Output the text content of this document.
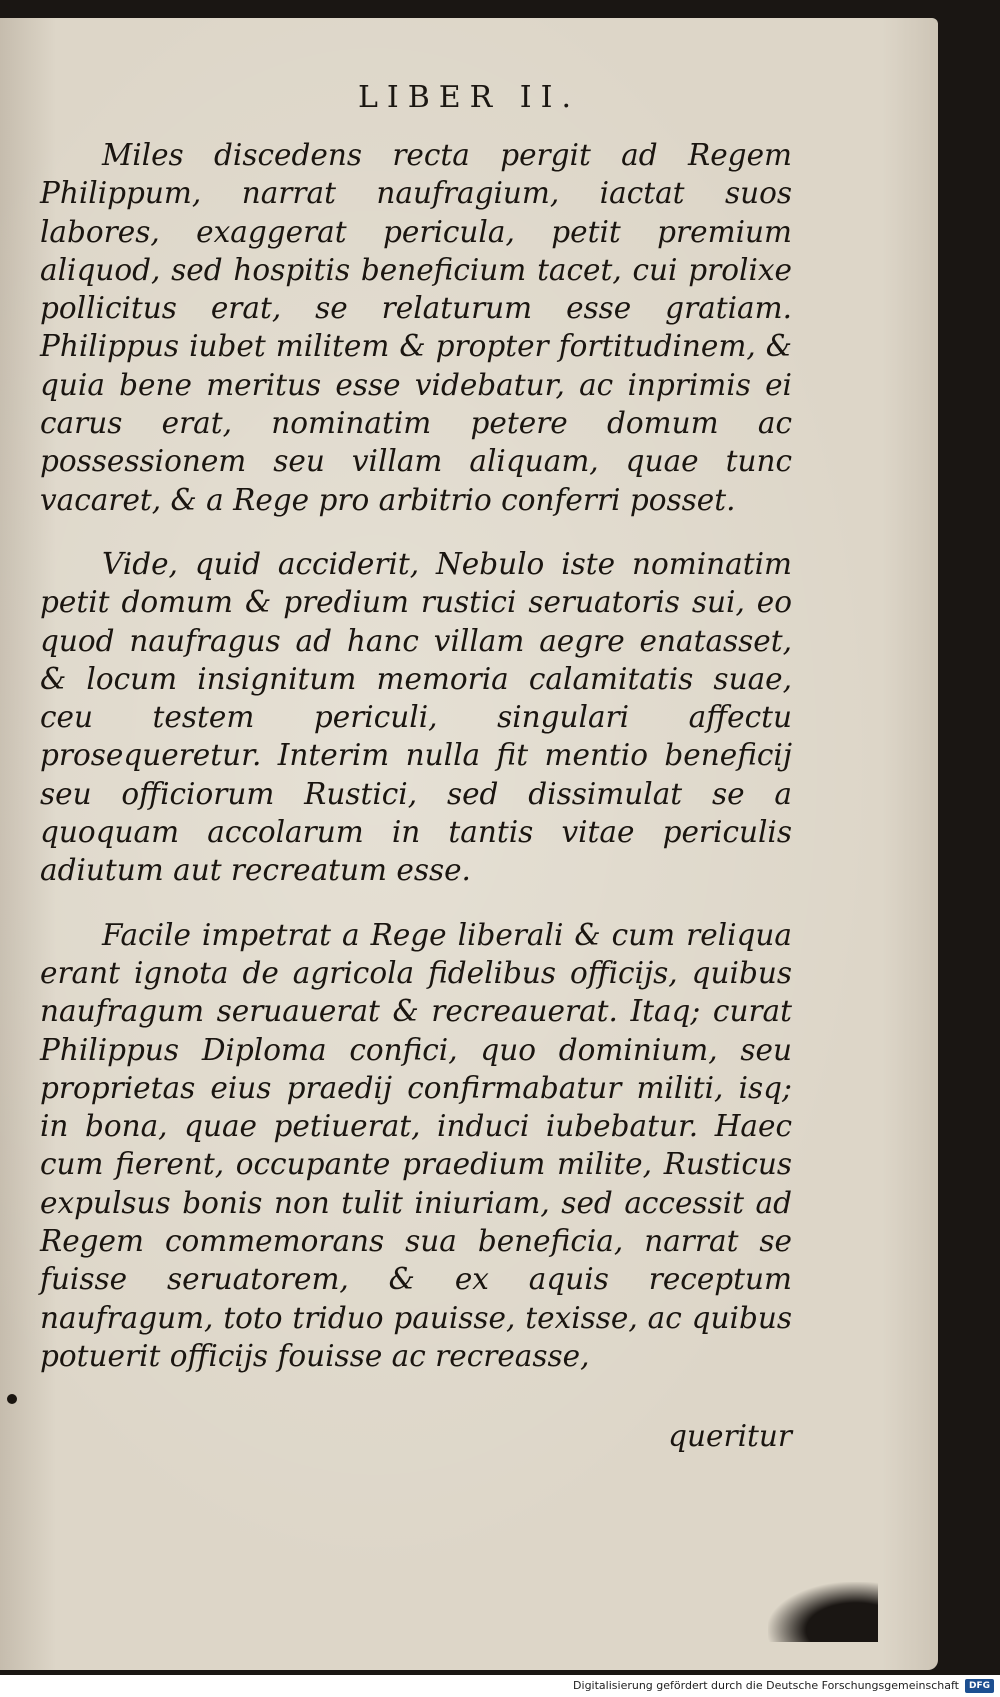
LIBER II.

Miles discedens recta pergit ad Regem Philippum, narrat naufragium, iactat suos labores, exaggerat pericula, petit premium aliquod, sed hospitis beneficium tacet, cui prolixe pollicitus erat, se relaturum esse gratiam. Philippus iubet militem & propter fortitudinem, & quia bene meritus esse videbatur, ac inprimis ei carus erat, nominatim petere domum ac possessionem seu villam aliquam, quae tunc vacaret, & a Rege pro arbitrio conferri posset.

Vide, quid acciderit, Nebulo iste nominatim petit domum & predium rustici seruatoris sui, eo quod naufragus ad hanc villam aegre enatasset, & locum insignitum memoria calamitatis suae, ceu testem periculi, singulari affectu prosequeretur. Interim nulla fit mentio beneficij seu officiorum Rustici, sed dissimulat se a quoquam accolarum in tantis vitae periculis adiutum aut recreatum esse.

Facile impetrat a Rege liberali & cum reliqua erant ignota de agricola fidelibus officijs, quibus naufragum seruauerat & recreauerat. Itaq; curat Philippus Diploma confici, quo dominium, seu proprietas eius praedij confirmabatur militi, isq; in bona, quae petiuerat, induci iubebatur. Haec cum fierent, occupante praedium milite, Rusticus expulsus bonis non tulit iniuriam, sed accessit ad Regem commemorans sua beneficia, narrat se fuisse seruatorem, & ex aquis receptum naufragum, toto triduo pauisse, texisse, ac quibus potuerit officijs fouisse ac recreasse,

queritur
Digitalisierung gefördert durch die Deutsche Forschungsgemeinschaft DFG
